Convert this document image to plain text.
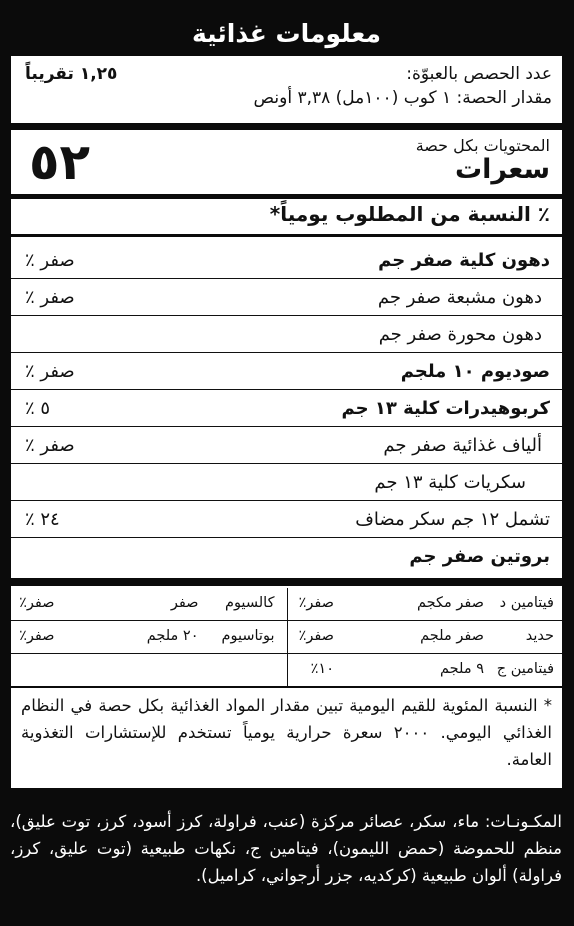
معلومات غذائية
عدد الحصص بالعبوّة:
١,٢٥ تقريباً
مقدار الحصة: ١ كوب (١٠٠مل) ٣,٣٨ أونص
المحتويات بكل حصة
سعرات
٥٢
٪ النسبة من المطلوب يومياً*
دهون كلية صفر جم
صفر ٪
دهون مشبعة صفر جم
صفر ٪
دهون محورة صفر جم
صوديوم ١٠ ملجم
صفر ٪
كربوهيدرات كلية ١٣ جم
٥ ٪
ألياف غذائية صفر جم
صفر ٪
سكريات كلية ١٣ جم
تشمل ١٢ جم سكر مضاف
٢٤ ٪
بروتين صفر جم
فيتامين د
صفر مكجم
صفر٪
كالسيوم
صفر
صفر٪
حديد
صفر ملجم
صفر٪
بوتاسيوم
٢٠ ملجم
صفر٪
فيتامين ج
٩ ملجم
١٠٪
* النسبة المئوية للقيم اليومية تبين مقدار المواد الغذائية بكل حصة في النظام الغذائي اليومي. ٢٠٠٠ سعرة حرارية يومياً تستخدم للإستشارات التغذوية العامة.
المكـونـات: ماء، سكر، عصائر مركزة (عنب، فراولة، كرز أسود، كرز، توت عليق)، منظم للحموضة (حمض الليمون)، فيتامين ج، نكهات طبيعية (توت عليق، كرز، فراولة) ألوان طبيعية (كركديه، جزر أرجواني، كراميل).
